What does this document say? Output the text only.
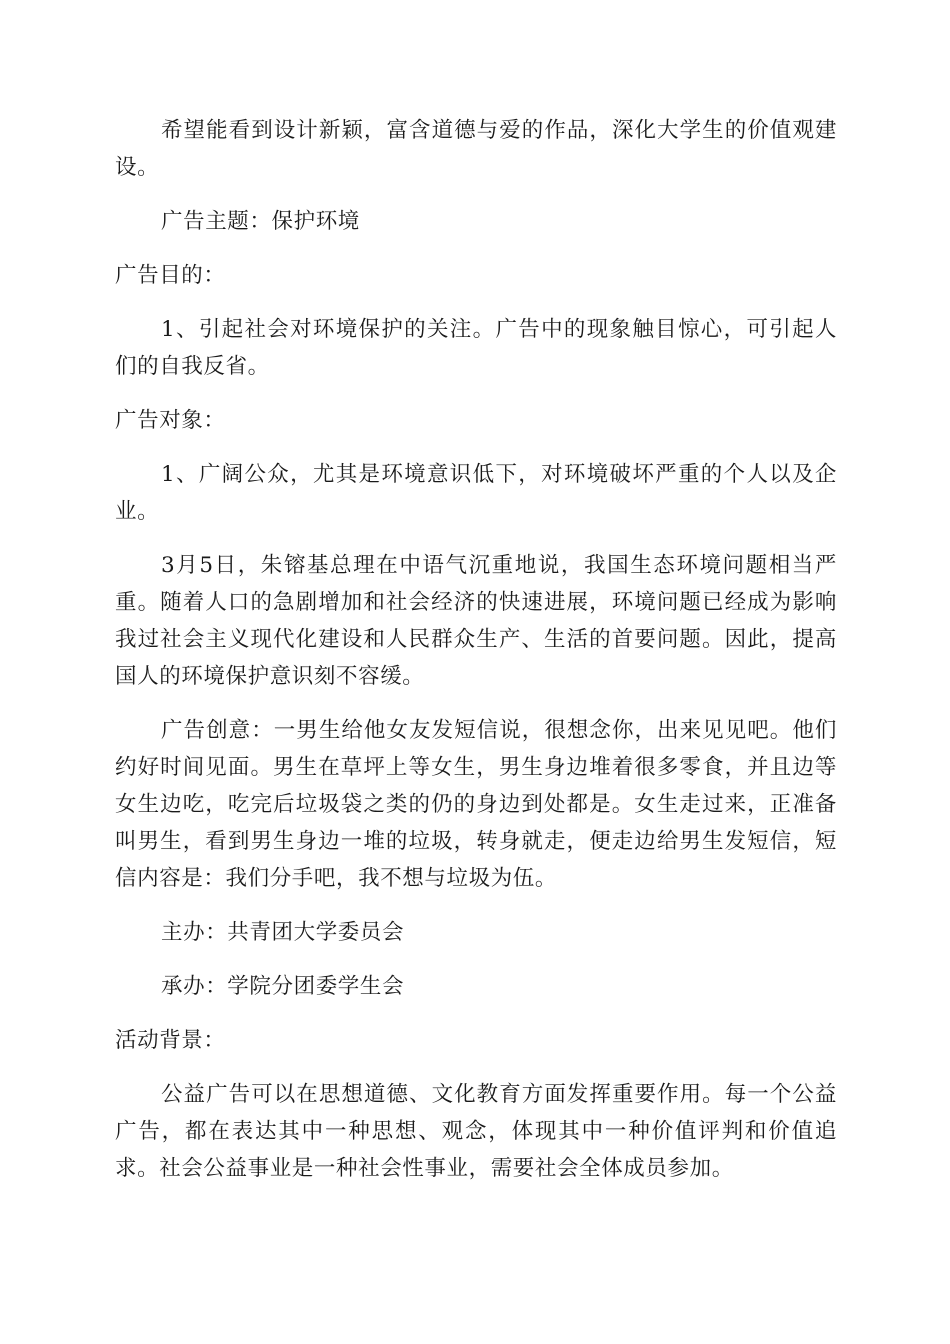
希望能看到设计新颖，富含道德与爱的作品，深化大学生的价值观建设。

广告主题：保护环境

广告目的：

1、引起社会对环境保护的关注。广告中的现象触目惊心，可引起人们的自我反省。

广告对象：

1、广阔公众，尤其是环境意识低下，对环境破坏严重的个人以及企业。

3月5日，朱镕基总理在中语气沉重地说，我国生态环境问题相当严重。随着人口的急剧增加和社会经济的快速进展，环境问题已经成为影响我过社会主义现代化建设和人民群众生产、生活的首要问题。因此，提高国人的环境保护意识刻不容缓。

广告创意：一男生给他女友发短信说，很想念你，出来见见吧。他们约好时间见面。男生在草坪上等女生，男生身边堆着很多零食，并且边等女生边吃，吃完后垃圾袋之类的仍的身边到处都是。女生走过来，正准备叫男生，看到男生身边一堆的垃圾，转身就走，便走边给男生发短信，短信内容是：我们分手吧，我不想与垃圾为伍。

主办：共青团大学委员会

承办：学院分团委学生会

活动背景：

公益广告可以在思想道德、文化教育方面发挥重要作用。每一个公益广告，都在表达其中一种思想、观念，体现其中一种价值评判和价值追求。社会公益事业是一种社会性事业，需要社会全体成员参加。
